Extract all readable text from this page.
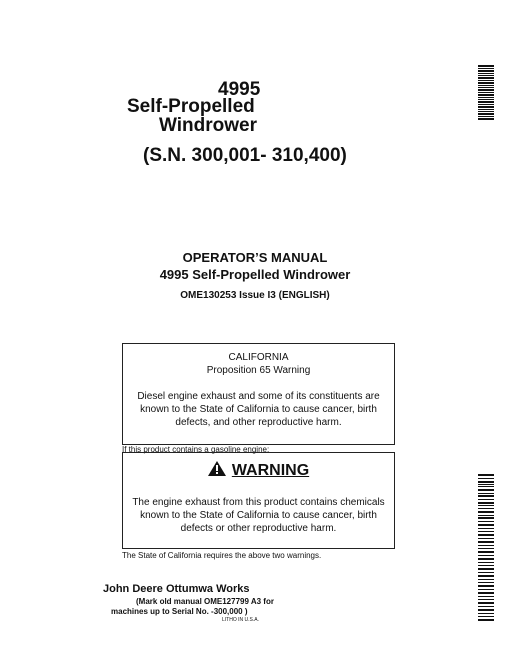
4995
Self-Propelled
Windrower
(S.N. 300,001- 310,400)
OPERATOR’S MANUAL
4995 Self-Propelled Windrower
OME130253 Issue I3 (ENGLISH)
CALIFORNIA
Proposition 65 Warning
Diesel engine exhaust and some of its constituents are
known to the State of California to cause cancer, birth
defects, and other reproductive harm.
If this product contains a gasoline engine:
WARNING
The engine exhaust from this product contains chemicals
known to the State of California to cause cancer, birth
defects or other reproductive harm.
The State of California requires the above two warnings.
John Deere Ottumwa Works
(Mark old manual OME127799 A3 for
machines up to Serial No. -300,000 )
LITHO IN U.S.A.
